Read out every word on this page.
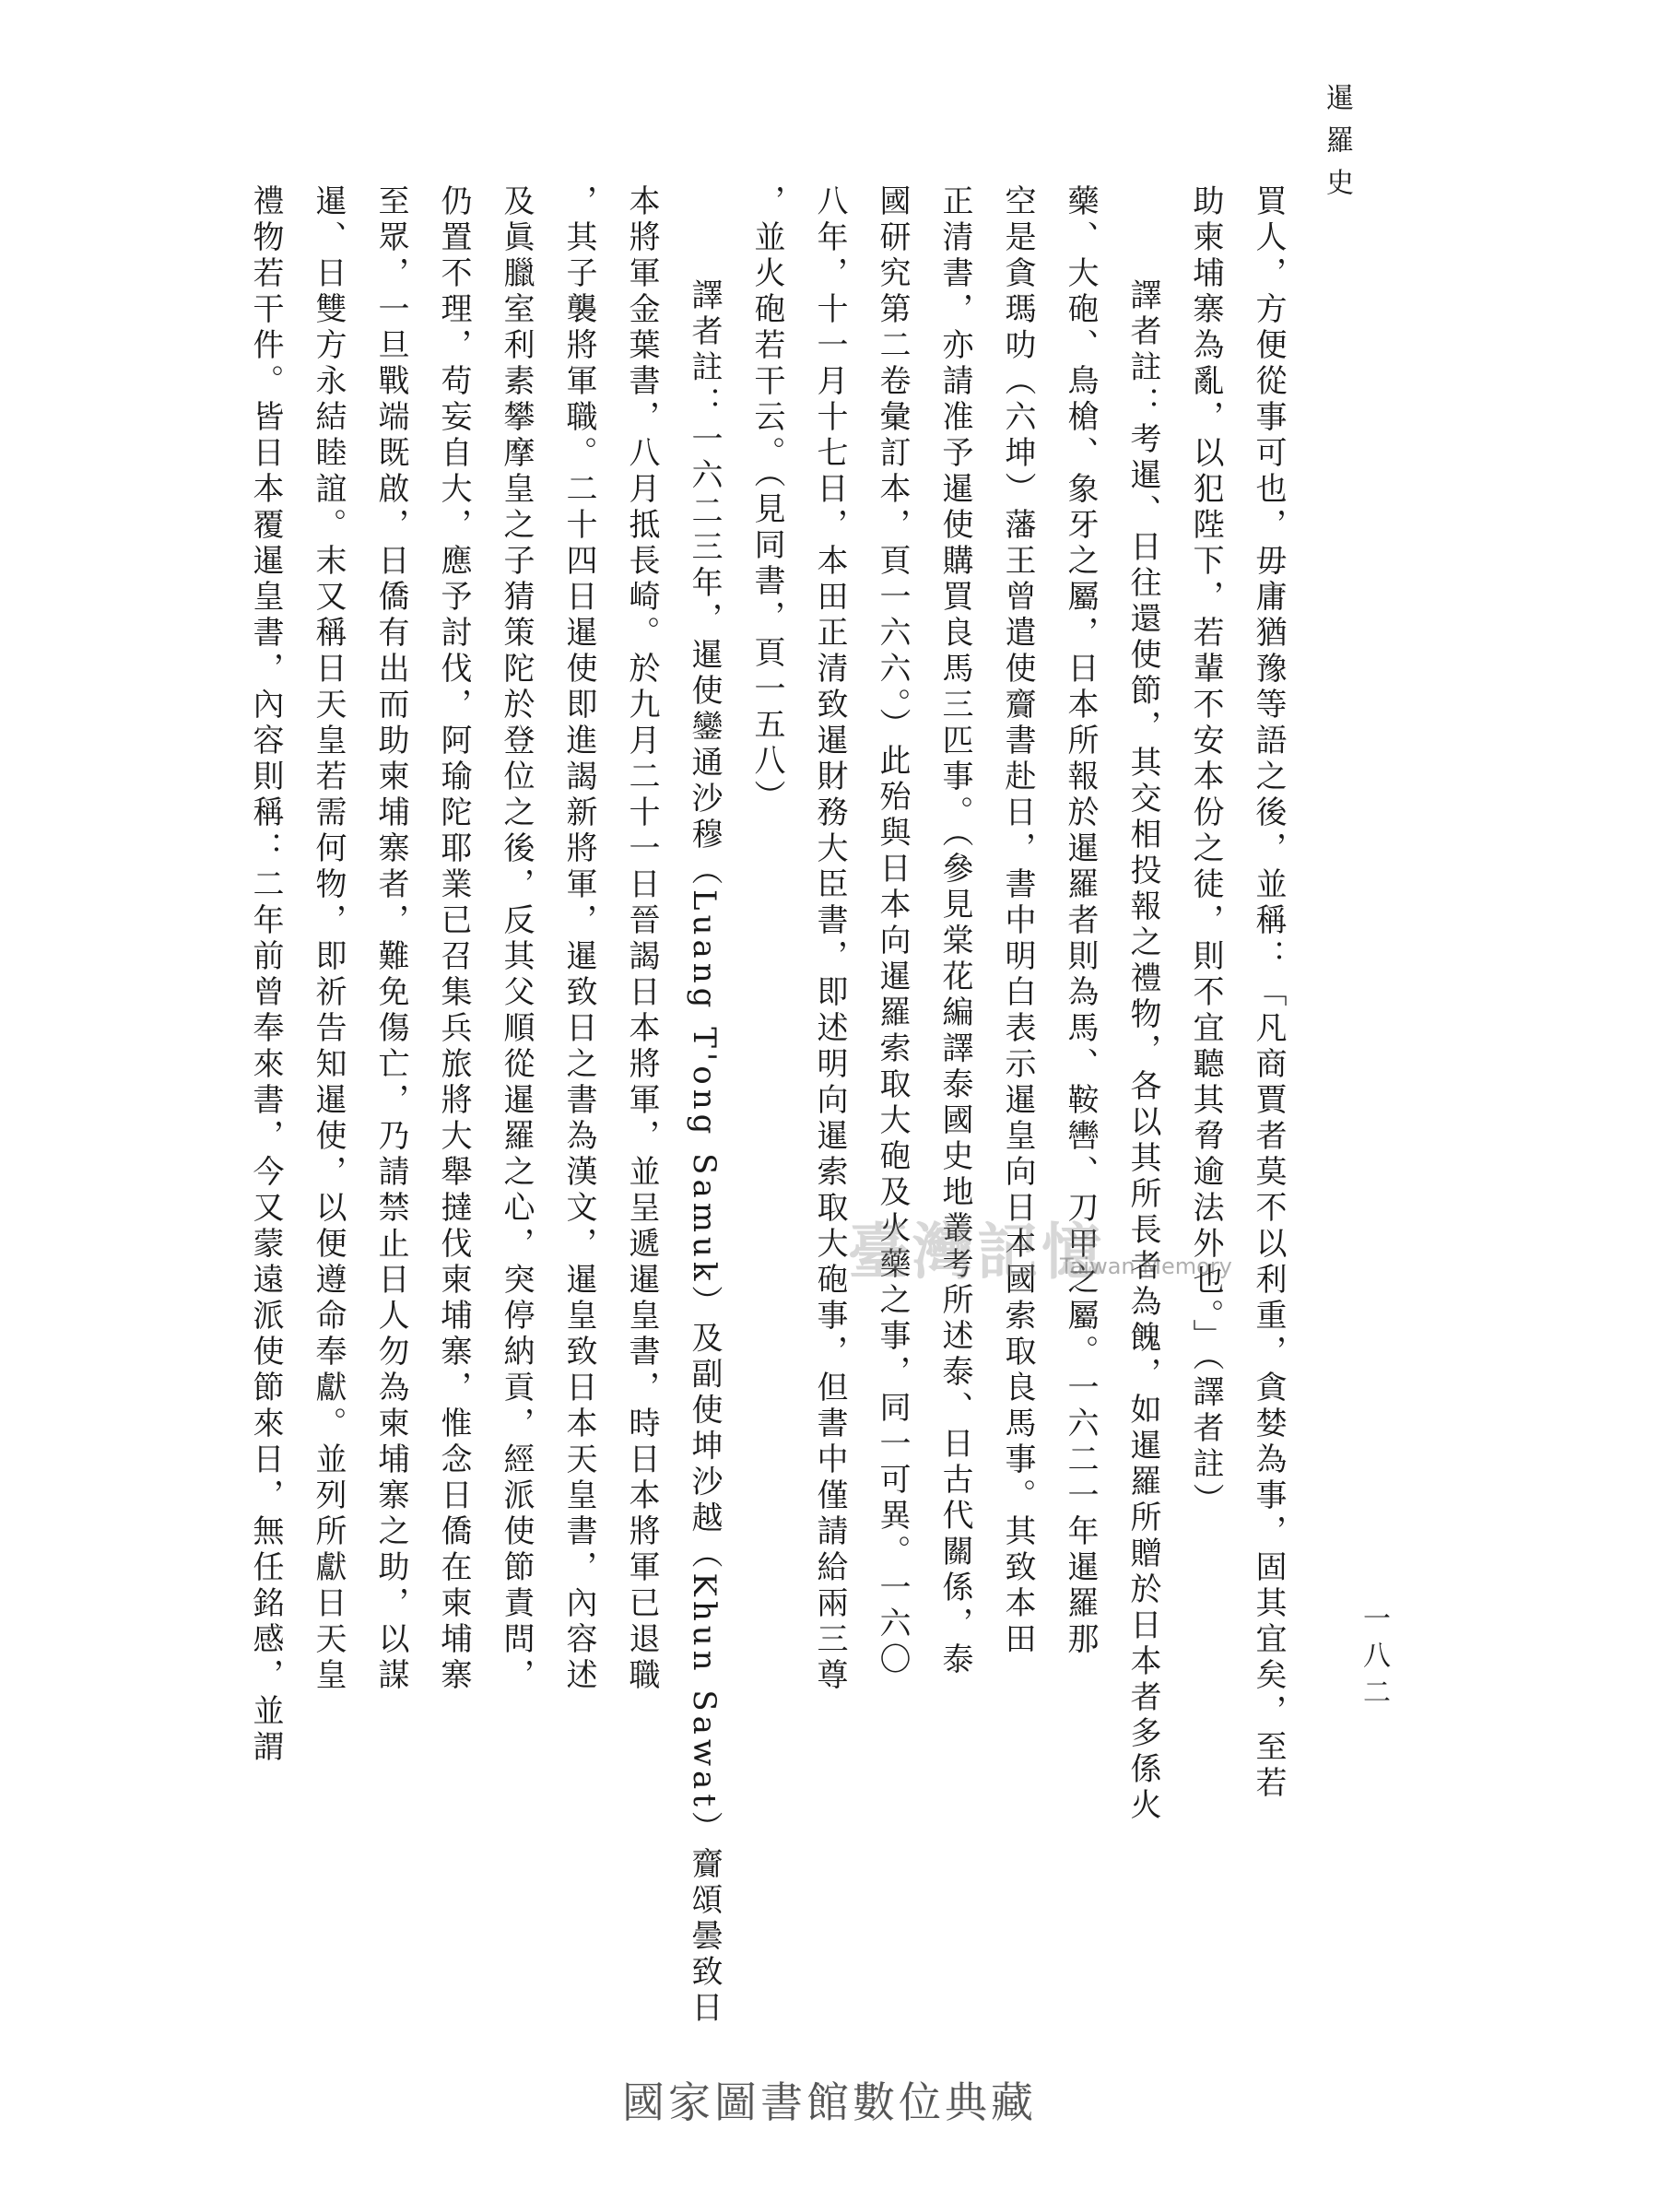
暹羅史
一八二
買人，方便從事可也，毋庸猶豫等語之後，並稱：「凡商賈者莫不以利重，貪婪為事，固其宜矣，至若
助柬埔寨為亂，以犯陛下，若輩不安本份之徒，則不宜聽其脅逾法外也。」（譯者註）
譯者註：考暹、日往還使節，其交相投報之禮物，各以其所長者為餽，如暹羅所贈於日本者多係火
藥、大砲、鳥槍、象牙之屬，日本所報於暹羅者則為馬、鞍轡、刀甲之屬。一六二一年暹羅那
空是貪瑪叻（六坤）藩王曾遣使齎書赴日，書中明白表示暹皇向日本國索取良馬事。其致本田
正清書，亦請准予暹使購買良馬三匹事。（參見棠花編譯泰國史地叢考所述泰、日古代關係，泰
國研究第二卷彙訂本，頁一六六。）此殆與日本向暹羅索取大砲及火藥之事，同一可異。一六〇
八年，十一月十七日，本田正清致暹財務大臣書，即述明向暹索取大砲事，但書中僅請給兩三尊
，並火砲若干云。（見同書，頁一五八）
譯者註：一六二三年，暹使鑾通沙穆（Luang T'ong Samuk）及副使坤沙越（Khun Sawat）齎頌曇致日
本將軍金葉書，八月抵長崎。於九月二十一日晉謁日本將軍，並呈遞暹皇書，時日本將軍已退職
，其子襲將軍職。二十四日暹使即進謁新將軍，暹致日之書為漢文，暹皇致日本天皇書，內容述
及眞臘室利素攀摩皇之子猜策陀於登位之後，反其父順從暹羅之心，突停納貢，經派使節責問，
仍置不理，苟妄自大，應予討伐，阿瑜陀耶業已召集兵旅將大舉撻伐柬埔寨，惟念日僑在柬埔寨
至眾，一旦戰端既啟，日僑有出而助柬埔寨者，難免傷亡，乃請禁止日人勿為柬埔寨之助，以謀
暹、日雙方永結睦誼。末又稱日天皇若需何物，即祈告知暹使，以便遵命奉獻。並列所獻日天皇
禮物若干件。皆日本覆暹皇書，內容則稱：二年前曾奉來書，今又蒙遠派使節來日，無任銘感，並謂	臺灣記憶
Taiwan Memory
國家圖書館數位典藏
